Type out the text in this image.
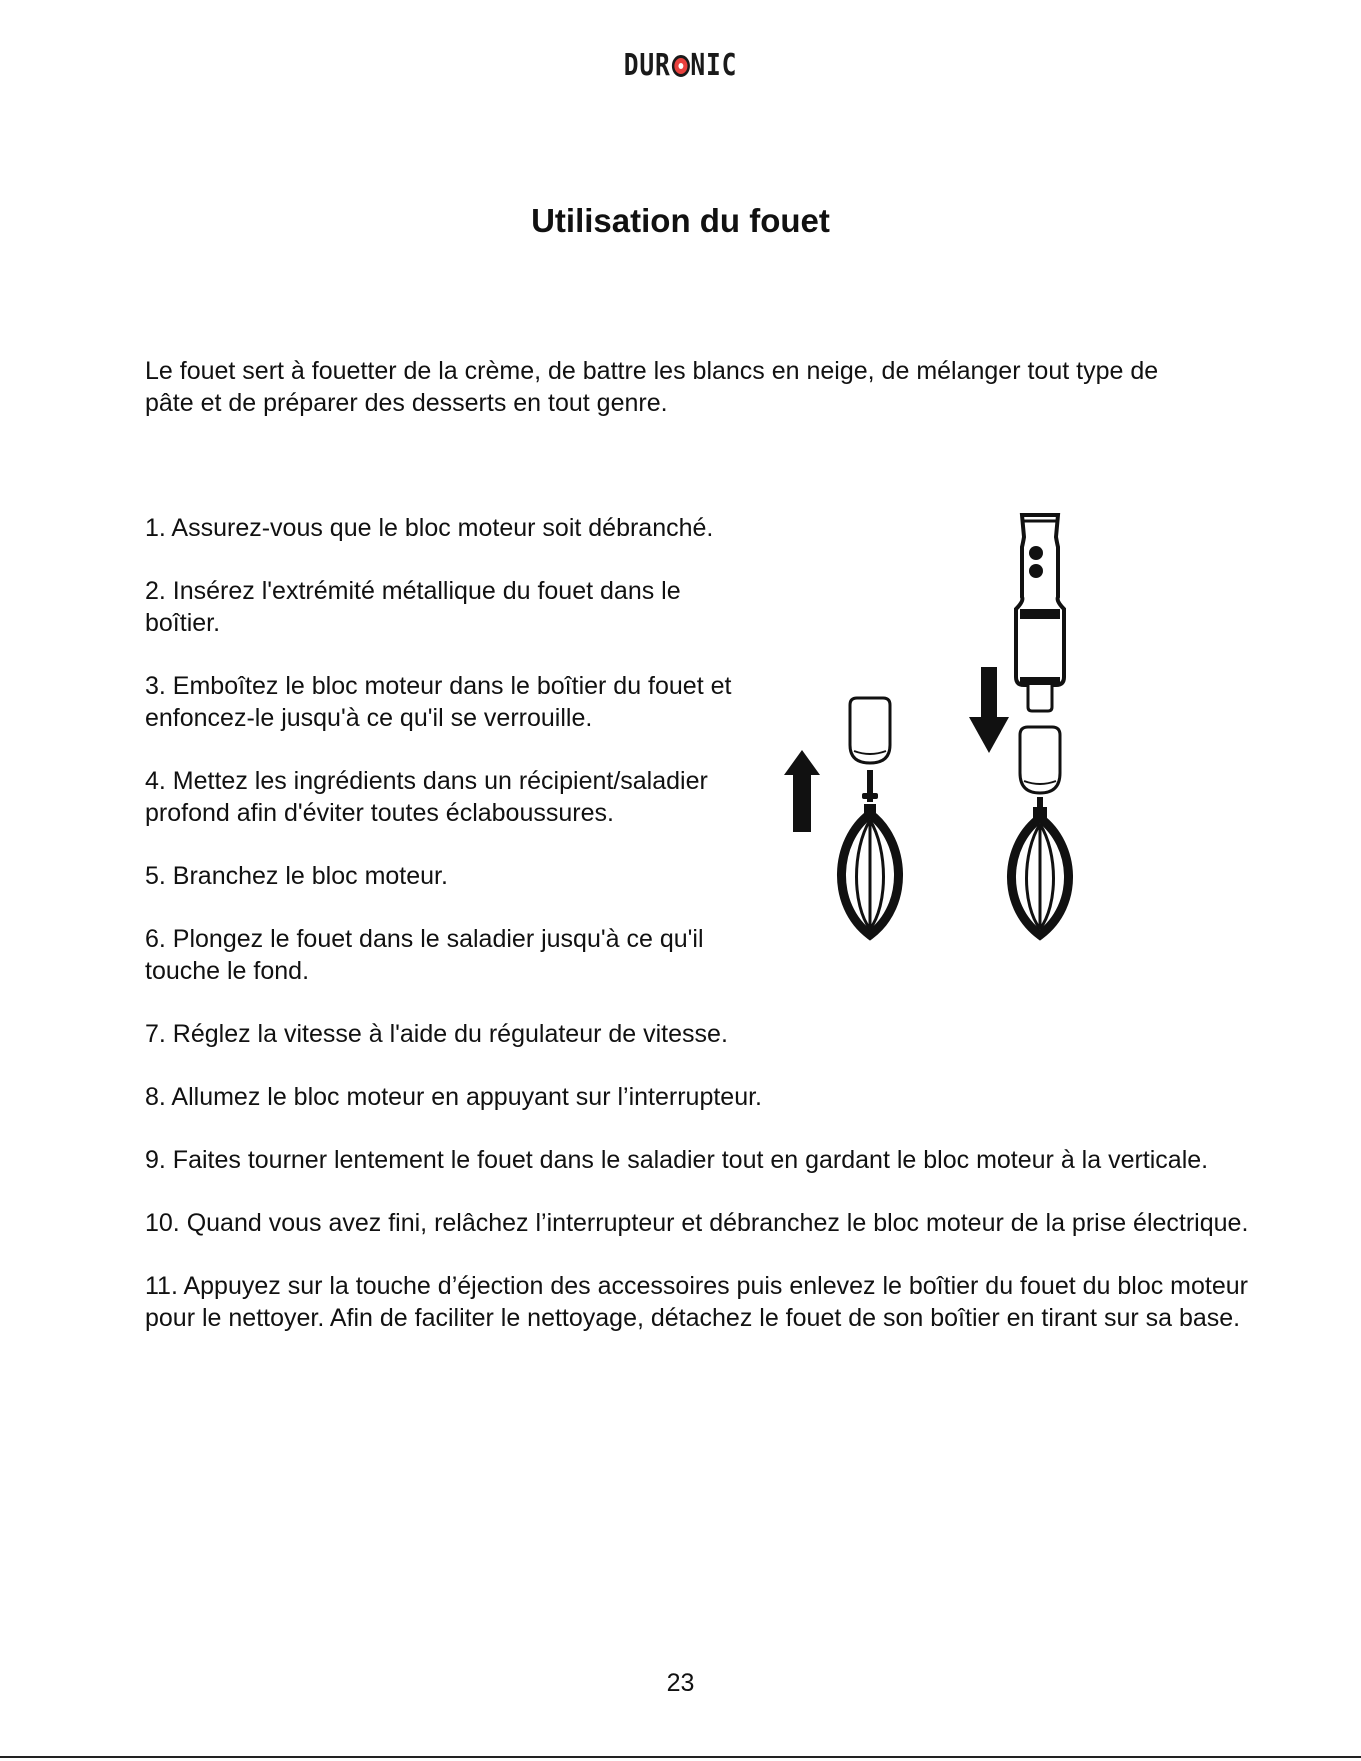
DUR NIC
Utilisation du fouet

Le fouet sert à fouetter de la crème, de battre les blancs en neige, de mélanger tout type de pâte et de préparer des desserts en tout genre.

1. Assurez-vous que le bloc moteur soit débranché.
2. Insérez l'extrémité métallique du fouet dans le boîtier.
3. Emboîtez le bloc moteur dans le boîtier du fouet et enfoncez-le jusqu'à ce qu'il se verrouille.
4. Mettez les ingrédients dans un récipient/saladier profond afin d'éviter toutes éclaboussures.
5. Branchez le bloc moteur.
6. Plongez le fouet dans le saladier jusqu'à ce qu'il touche le fond.
7. Réglez la vitesse à l'aide du régulateur de vitesse.
8. Allumez le bloc moteur en appuyant sur l’interrupteur.
9. Faites tourner lentement le fouet dans le saladier tout en gardant le bloc moteur à la verticale.
10. Quand vous avez fini, relâchez l’interrupteur et débranchez le bloc moteur de la prise électrique.
11. Appuyez sur la touche d’éjection des accessoires puis enlevez le boîtier du fouet du bloc moteur pour le nettoyer. Afin de faciliter le nettoyage, détachez le fouet de son boîtier en tirant sur sa base.
23
